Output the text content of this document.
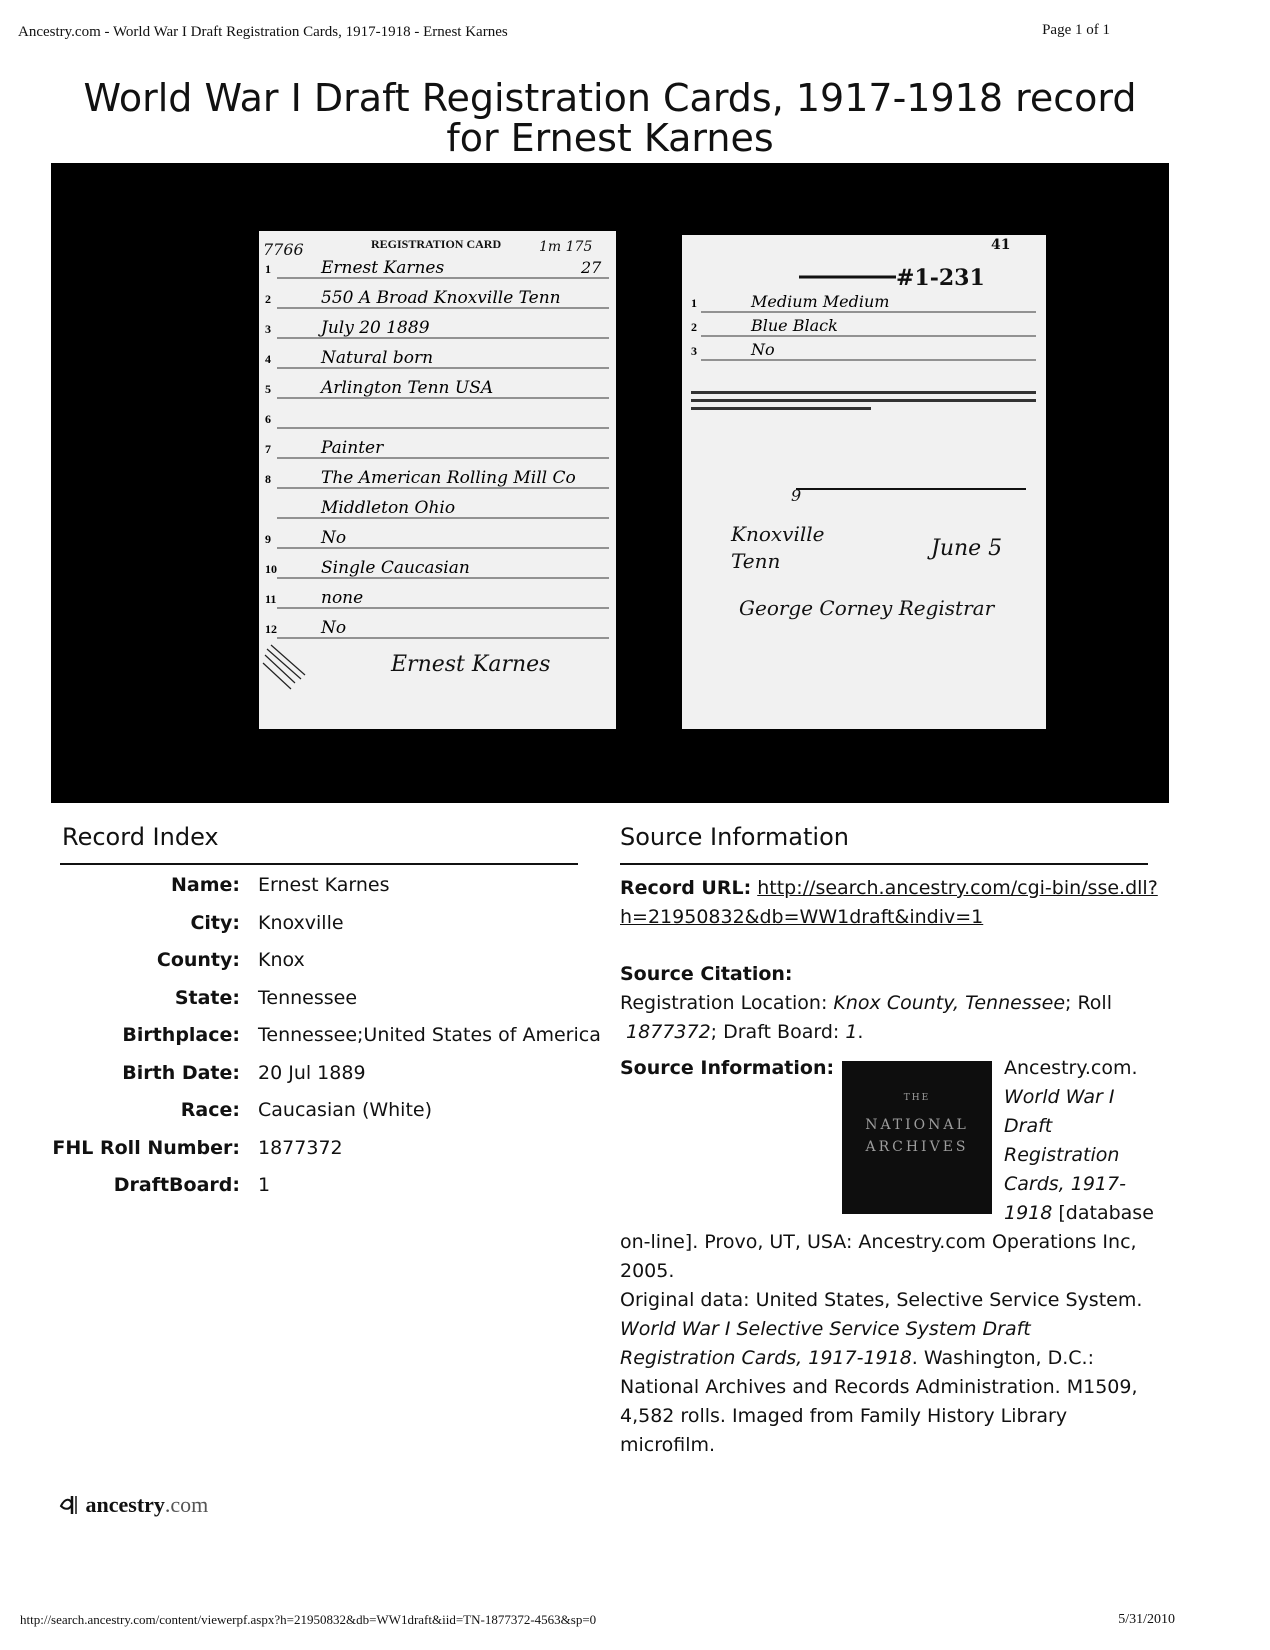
Ancestry.com - World War I Draft Registration Cards, 1917-1918 - Ernest Karnes	Page 1 of 1
World War I Draft Registration Cards, 1917-1918 record
for Ernest Karnes
REGISTRATION CARD
7766	1m 175
1	Ernest Karnes	27
2	550 A Broad Knoxville Tenn
3	July 20 1889
4	Natural born
5	Arlington Tenn USA
6
7	Painter
8	The American Rolling Mill Co
Middleton Ohio
9	No
10	Single Caucasian
11	none
12	No
Ernest Karnes
#1-231
41
1	Medium Medium
2	Blue Black
3	No
9
Knoxville
Tenn	June 5
George Corney Registrar
Record Index	Source Information
Name: Ernest Karnes
City: Knoxville
County: Knox
State: Tennessee
Birthplace: Tennessee;United States of America
Birth Date: 20 Jul 1889
Race: Caucasian (White)
FHL Roll Number: 1877372
DraftBoard: 1
Record URL: http://search.ancestry.com/cgi-bin/sse.dll?
h=21950832&db=WW1draft&indiv=1
Source Citation:
Registration Location: Knox County, Tennessee; Roll
1877372; Draft Board: 1.
Source Information:
THE
NATIONAL
ARCHIVES
Ancestry.com.
World War I
Draft
Registration
Cards, 1917-
1918 [database
on-line]. Provo, UT, USA: Ancestry.com Operations Inc, 2005.
Original data: United States, Selective Service System. World War I Selective Service System Draft Registration Cards, 1917-1918. Washington, D.C.: National Archives and Records Administration. M1509, 4,582 rolls. Imaged from Family History Library microfilm.
ancestry.com
http://search.ancestry.com/content/viewerpf.aspx?h=21950832&db=WW1draft&iid=TN-1877372-4563&sp=0	5/31/2010
